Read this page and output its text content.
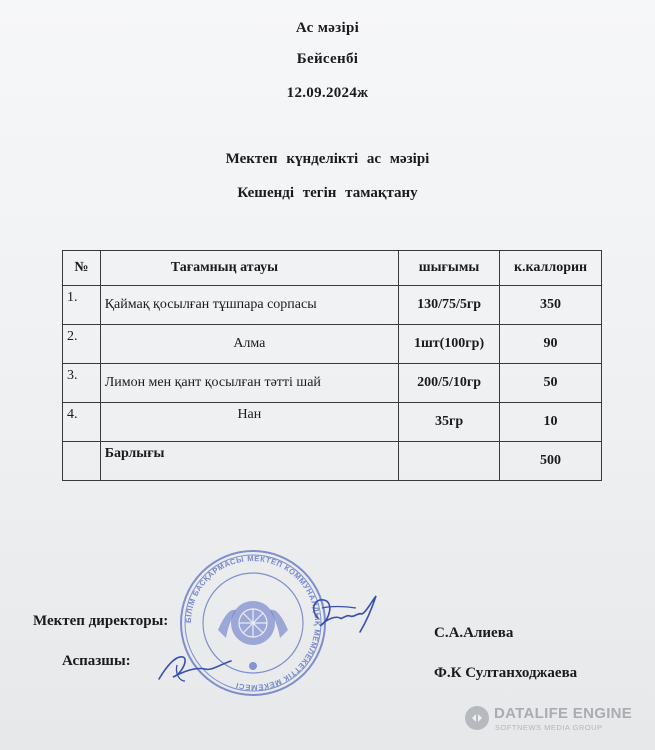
Ас мәзірі
Бейсенбі
12.09.2024ж
Мектеп күнделікті ас мәзірі
Кешенді тегін тамақтану
№	Тағамның атауы	шығымы	к.каллорин
1.	Қаймақ қосылған тұшпара сорпасы	130/75/5гр	350
2.	Алма	1шт(100гр)	90
3.	Лимон мен қант қосылған тәтті шай	200/5/10гр	50
4.	Нан	35гр	10
	Барлығы		500
БІЛІМ БАСҚАРМАСЫ МЕКТЕП КОММУНАЛДЫҚ МЕМЛЕКЕТТІК МЕКЕМЕСІ
Мектеп директоры:
С.А.Алиева
Аспазшы:
Ф.К Султанходжаева
DATALIFE ENGINE
SOFTNEWS MEDIA GROUP
